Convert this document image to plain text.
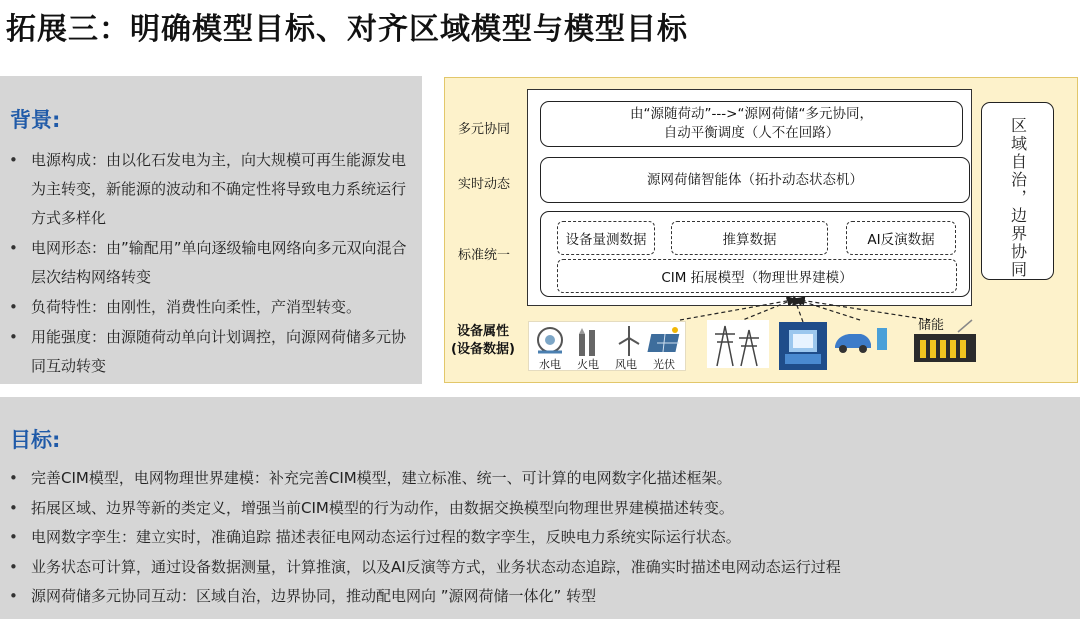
拓展三：明确模型目标、对齐区域模型与模型目标
背景:
• 电源构成：由以化石发电为主，向大规模可再生能源发电为主转变，新能源的波动和不确定性将导致电力系统运行方式多样化
• 电网形态：由”输配用”单向逐级输电网络向多元双向混合层次结构网络转变
• 负荷特性：由刚性，消费性向柔性，产消型转变。
• 用能强度：由源随荷动单向计划调控，向源网荷储多元协同互动转变
多元协同
实时动态
标准统一
由“源随荷动”--->“源网荷储“多元协同，
自动平衡调度（人不在回路）
源网荷储智能体（拓扑动态状态机）
设备量测数据	推算数据	AI反演数据
CIM 拓展模型（物理世界建模）	区域自治，边界协同
设备属性
(设备数据)
水电 火电 风电 光伏
储能
目标:
• 完善CIM模型，电网物理世界建模：补充完善CIM模型，建立标准、统一、可计算的电网数字化描述框架。
• 拓展区域、边界等新的类定义，增强当前CIM模型的行为动作，由数据交换模型向物理世界建模描述转变。
• 电网数字孪生：建立实时，准确追踪 描述表征电网动态运行过程的数字孪生，反映电力系统实际运行状态。
• 业务状态可计算，通过设备数据测量，计算推演，以及AI反演等方式，业务状态动态追踪，准确实时描述电网动态运行过程
• 源网荷储多元协同互动：区域自治，边界协同，推动配电网向 ”源网荷储一体化” 转型
